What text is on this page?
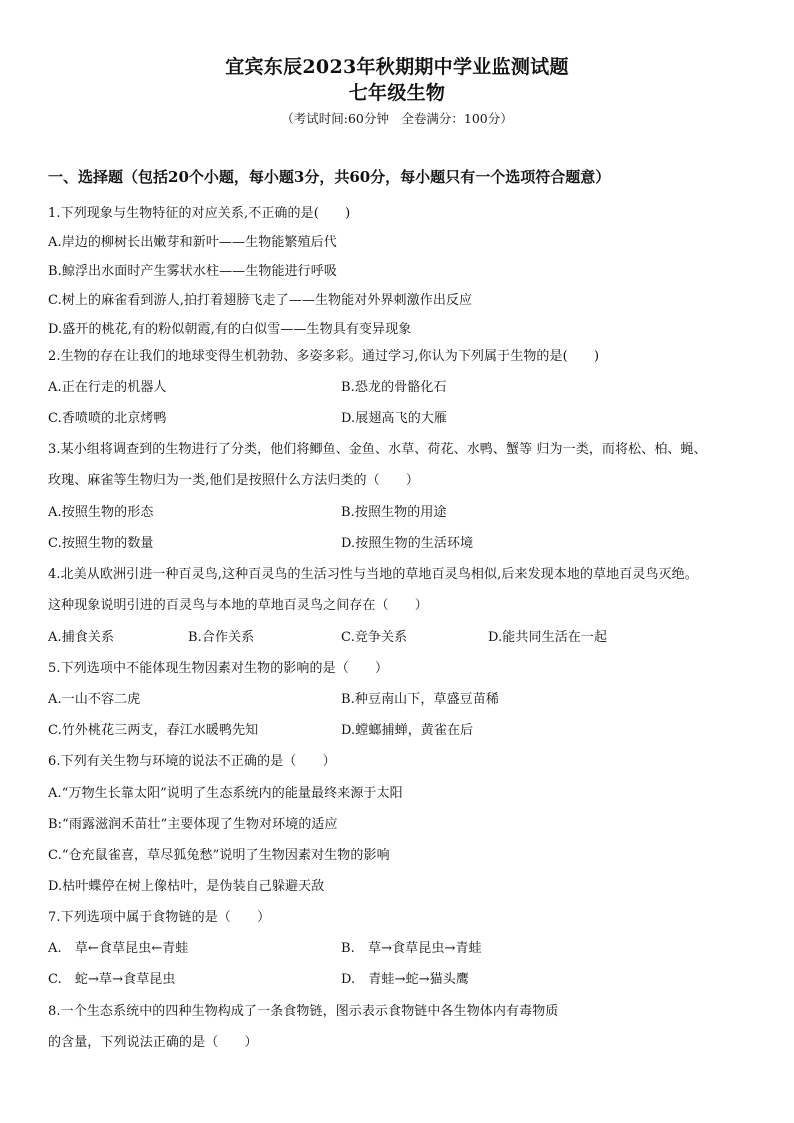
宜宾东辰2023年秋期期中学业监测试题
七年级生物
（考试时间:60分钟　全卷满分：100分）
一、选择题（包括20个小题，每小题3分，共60分，每小题只有一个选项符合题意）
1.下列现象与生物特征的对应关系,不正确的是(　　)
A.岸边的柳树长出嫩芽和新叶——生物能繁殖后代
B.鲸浮出水面时产生雾状水柱——生物能进行呼吸
C.树上的麻雀看到游人,拍打着翅膀飞走了——生物能对外界刺激作出反应
D.盛开的桃花,有的粉似朝霞,有的白似雪——生物具有变异现象
2.生物的存在让我们的地球变得生机勃勃、多姿多彩。通过学习,你认为下列属于生物的是(　　)
A.正在行走的机器人	B.恐龙的骨骼化石
C.香喷喷的北京烤鸭	D.展翅高飞的大雁
3.某小组将调查到的生物进行了分类，他们将鲫鱼、金鱼、水草、荷花、水鸭、蟹等 归为一类，而将松、柏、蝇、
玫瑰、麻雀等生物归为一类,他们是按照什么方法归类的（　　）
A.按照生物的形态	B.按照生物的用途
C.按照生物的数量	D.按照生物的生活环境
4.北美从欧洲引进一种百灵鸟,这种百灵鸟的生活习性与当地的草地百灵鸟相似,后来发现本地的草地百灵鸟灭绝。
这种现象说明引进的百灵鸟与本地的草地百灵鸟之间存在（　　）
A.捕食关系	B.合作关系	C.竞争关系	D.能共同生活在一起
5.下列选项中不能体现生物因素对生物的影响的是（　　）
A.一山不容二虎	B.种豆南山下，草盛豆苗稀
C.竹外桃花三两支，春江水暖鸭先知	D.螳螂捕蝉，黄雀在后
6.下列有关生物与环境的说法不正确的是（　　）
A.“万物生长靠太阳”说明了生态系统内的能量最终来源于太阳
B:“雨露滋润禾苗壮”主要体现了生物对环境的适应
C.“仓充鼠雀喜，草尽狐兔愁”说明了生物因素对生物的影响
D.枯叶蝶停在树上像枯叶，是伪装自己躲避天敌
7.下列选项中属于食物链的是（　　）
A.　草←食草昆虫←青蛙	B.　草→食草昆虫→青蛙
C.　蛇→草→食草昆虫	D.　青蛙→蛇→猫头鹰
8.一个生态系统中的四种生物构成了一条食物链，图示表示食物链中各生物体内有毒物质
的含量，下列说法正确的是（　　）
